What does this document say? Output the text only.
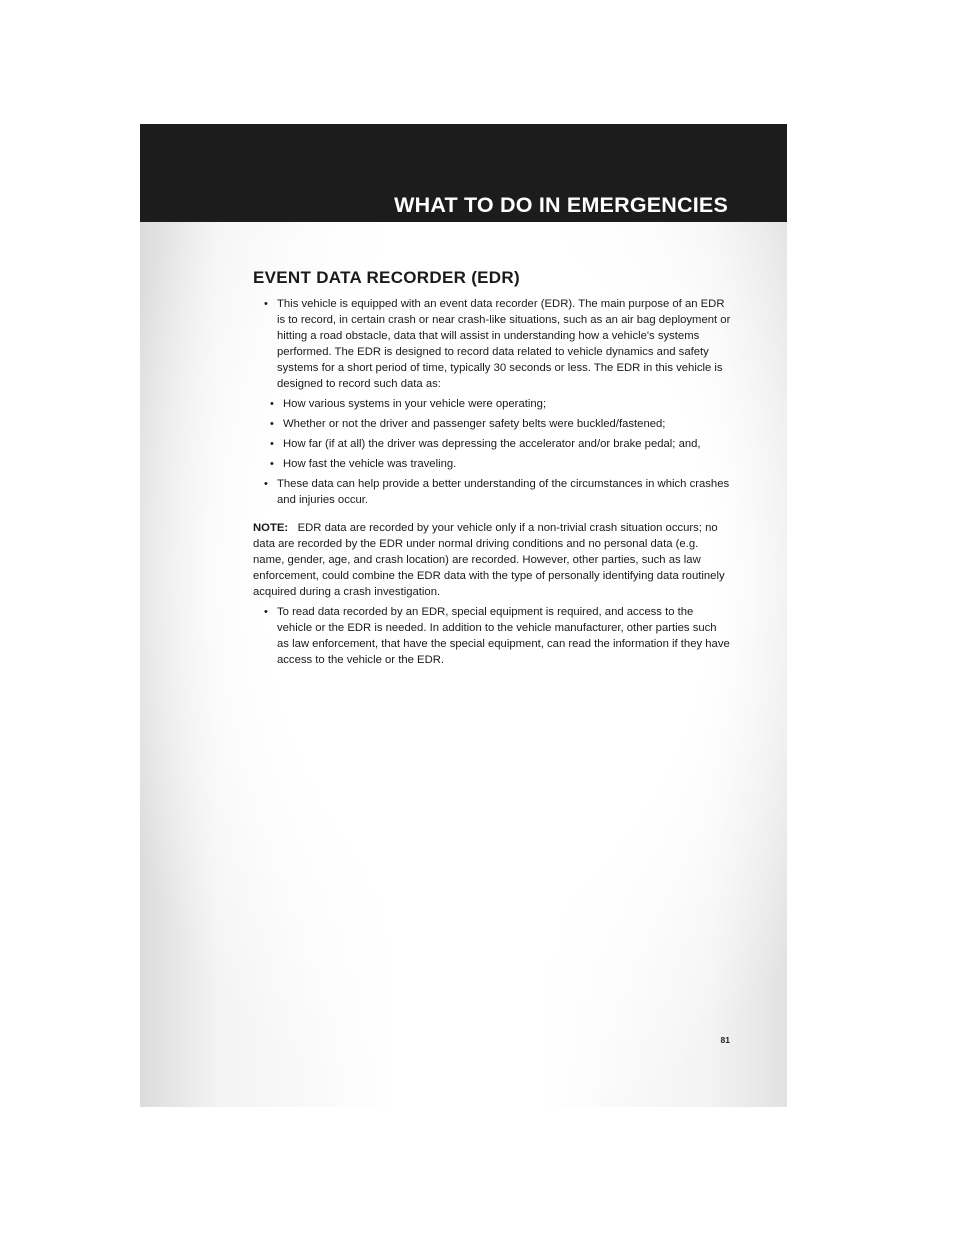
WHAT TO DO IN EMERGENCIES
EVENT DATA RECORDER (EDR)
• This vehicle is equipped with an event data recorder (EDR). The main purpose of an EDR is to record, in certain crash or near crash-like situations, such as an air bag deployment or hitting a road obstacle, data that will assist in understanding how a vehicle's systems performed. The EDR is designed to record data related to vehicle dynamics and safety systems for a short period of time, typically 30 seconds or less. The EDR in this vehicle is designed to record such data as:
• How various systems in your vehicle were operating;
• Whether or not the driver and passenger safety belts were buckled/fastened;
• How far (if at all) the driver was depressing the accelerator and/or brake pedal; and,
• How fast the vehicle was traveling.
• These data can help provide a better understanding of the circumstances in which crashes and injuries occur.

NOTE: EDR data are recorded by your vehicle only if a non-trivial crash situation occurs; no data are recorded by the EDR under normal driving conditions and no personal data (e.g. name, gender, age, and crash location) are recorded. However, other parties, such as law enforcement, could combine the EDR data with the type of personally identifying data routinely acquired during a crash investigation.

• To read data recorded by an EDR, special equipment is required, and access to the vehicle or the EDR is needed. In addition to the vehicle manufacturer, other parties such as law enforcement, that have the special equipment, can read the information if they have access to the vehicle or the EDR.
81
